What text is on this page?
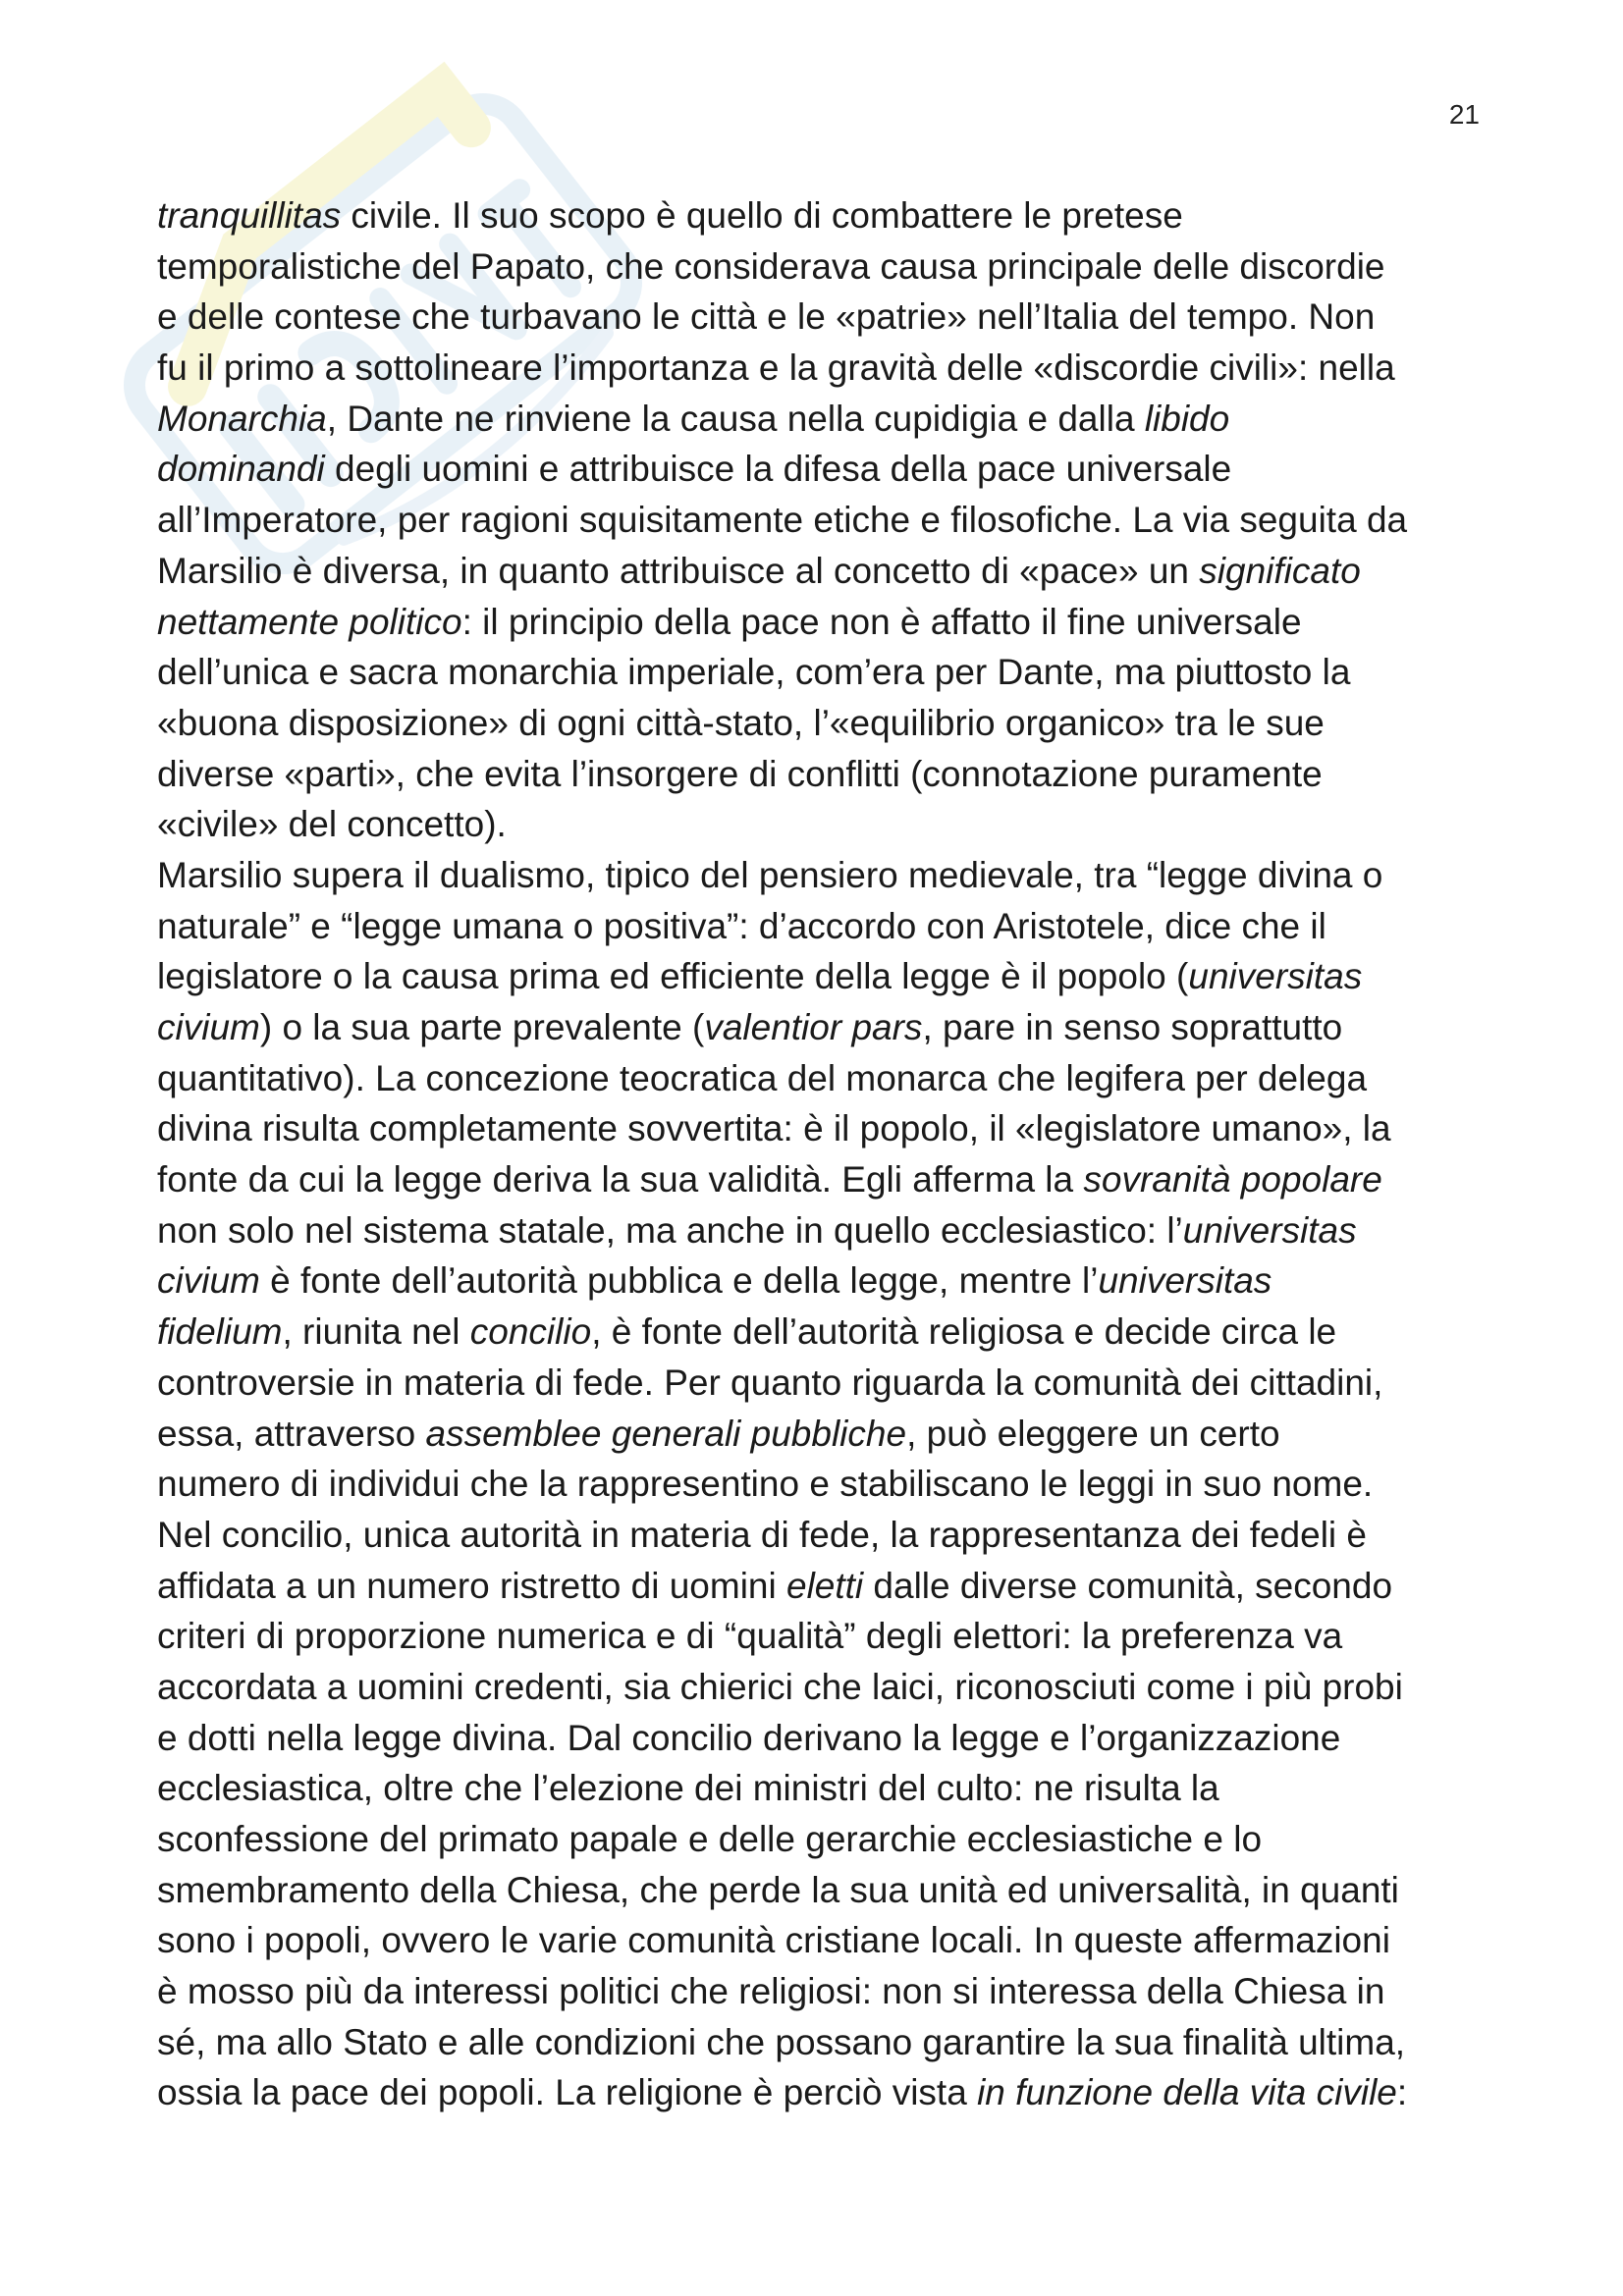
21
tranquillitas civile. Il suo scopo è quello di combattere le pretese
temporalistiche del Papato, che considerava causa principale delle discordie
e delle contese che turbavano le città e le «patrie» nell’Italia del tempo. Non
fu il primo a sottolineare l’importanza e la gravità delle «discordie civili»: nella
Monarchia, Dante ne rinviene la causa nella cupidigia e dalla libido
dominandi degli uomini e attribuisce la difesa della pace universale
all’Imperatore, per ragioni squisitamente etiche e filosofiche. La via seguita da
Marsilio è diversa, in quanto attribuisce al concetto di «pace» un significato
nettamente politico: il principio della pace non è affatto il fine universale
dell’unica e sacra monarchia imperiale, com’era per Dante, ma piuttosto la
«buona disposizione» di ogni città-stato, l’«equilibrio organico» tra le sue
diverse «parti», che evita l’insorgere di conflitti (connotazione puramente
«civile» del concetto).
Marsilio supera il dualismo, tipico del pensiero medievale, tra “legge divina o
naturale” e “legge umana o positiva”: d’accordo con Aristotele, dice che il
legislatore o la causa prima ed efficiente della legge è il popolo (universitas
civium) o la sua parte prevalente (valentior pars, pare in senso soprattutto
quantitativo). La concezione teocratica del monarca che legifera per delega
divina risulta completamente sovvertita: è il popolo, il «legislatore umano», la
fonte da cui la legge deriva la sua validità. Egli afferma la sovranità popolare
non solo nel sistema statale, ma anche in quello ecclesiastico: l’universitas
civium è fonte dell’autorità pubblica e della legge, mentre l’universitas
fidelium, riunita nel concilio, è fonte dell’autorità religiosa e decide circa le
controversie in materia di fede. Per quanto riguarda la comunità dei cittadini,
essa, attraverso assemblee generali pubbliche, può eleggere un certo
numero di individui che la rappresentino e stabiliscano le leggi in suo nome.
Nel concilio, unica autorità in materia di fede, la rappresentanza dei fedeli è
affidata a un numero ristretto di uomini eletti dalle diverse comunità, secondo
criteri di proporzione numerica e di “qualità” degli elettori: la preferenza va
accordata a uomini credenti, sia chierici che laici, riconosciuti come i più probi
e dotti nella legge divina. Dal concilio derivano la legge e l’organizzazione
ecclesiastica, oltre che l’elezione dei ministri del culto: ne risulta la
sconfessione del primato papale e delle gerarchie ecclesiastiche e lo
smembramento della Chiesa, che perde la sua unità ed universalità, in quanti
sono i popoli, ovvero le varie comunità cristiane locali. In queste affermazioni
è mosso più da interessi politici che religiosi: non si interessa della Chiesa in
sé, ma allo Stato e alle condizioni che possano garantire la sua finalità ultima,
ossia la pace dei popoli. La religione è perciò vista in funzione della vita civile:
